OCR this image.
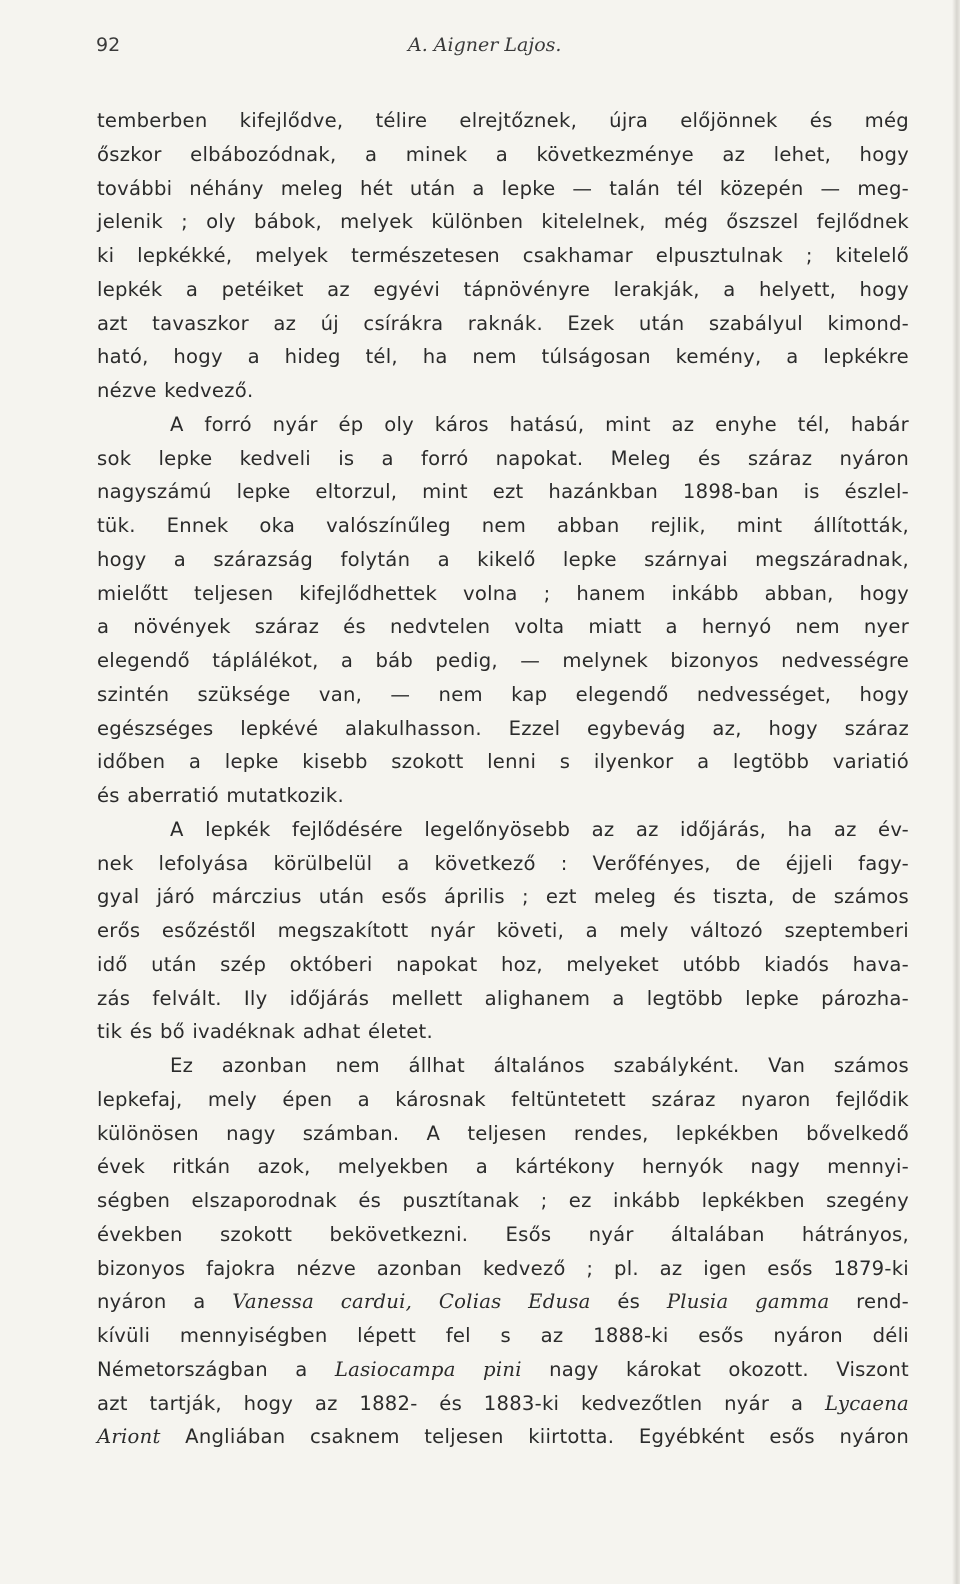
92	A. Aigner Lajos.

temberben kifejlődve, télire elrejtőznek, újra előjönnek és még
őszkor elbábozódnak, a minek a következménye az lehet, hogy
további néhány meleg hét után a lepke — talán tél közepén — meg-
jelenik ; oly bábok, melyek különben kitelelnek, még őszszel fejlődnek
ki lepkékké, melyek természetesen csakhamar elpusztulnak ; kitelelő
lepkék a petéiket az egyévi tápnövényre lerakják, a helyett, hogy
azt tavaszkor az új csírákra raknák. Ezek után szabályul kimond-
ható, hogy a hideg tél, ha nem túlságosan kemény, a lepkékre
nézve kedvező.

A forró nyár ép oly káros hatású, mint az enyhe tél, habár
sok lepke kedveli is a forró napokat. Meleg és száraz nyáron
nagyszámú lepke eltorzul, mint ezt hazánkban 1898-ban is észlel-
tük. Ennek oka valószínűleg nem abban rejlik, mint állították,
hogy a szárazság folytán a kikelő lepke szárnyai megszáradnak,
mielőtt teljesen kifejlődhettek volna ; hanem inkább abban, hogy
a növények száraz és nedvtelen volta miatt a hernyó nem nyer
elegendő táplálékot, a báb pedig, — melynek bizonyos nedvességre
szintén szüksége van, — nem kap elegendő nedvességet, hogy
egészséges lepkévé alakulhasson. Ezzel egybevág az, hogy száraz
időben a lepke kisebb szokott lenni s ilyenkor a legtöbb variatió
és aberratió mutatkozik.

A lepkék fejlődésére legelőnyösebb az az időjárás, ha az év-
nek lefolyása körülbelül a következő : Verőfényes, de éjjeli fagy-
gyal járó márczius után esős április ; ezt meleg és tiszta, de számos
erős esőzéstől megszakított nyár követi, a mely változó szeptemberi
idő után szép októberi napokat hoz, melyeket utóbb kiadós hava-
zás felvált. Ily időjárás mellett alighanem a legtöbb lepke pározha-
tik és bő ivadéknak adhat életet.

Ez azonban nem állhat általános szabályként. Van számos
lepkefaj, mely épen a károsnak feltüntetett száraz nyaron fejlődik
különösen nagy számban. A teljesen rendes, lepkékben bővelkedő
évek ritkán azok, melyekben a kártékony hernyók nagy mennyi-
ségben elszaporodnak és pusztítanak ; ez inkább lepkékben szegény
években szokott bekövetkezni. Esős nyár általában hátrányos,
bizonyos fajokra nézve azonban kedvező ; pl. az igen esős 1879-ki
nyáron a Vanessa cardui, Colias Edusa és Plusia gamma rend-
kívüli mennyiségben lépett fel s az 1888-ki esős nyáron déli
Németországban a Lasiocampa pini nagy károkat okozott. Viszont
azt tartják, hogy az 1882- és 1883-ki kedvezőtlen nyár a Lycaena
Ariont Angliában csaknem teljesen kiirtotta. Egyébként esős nyáron
